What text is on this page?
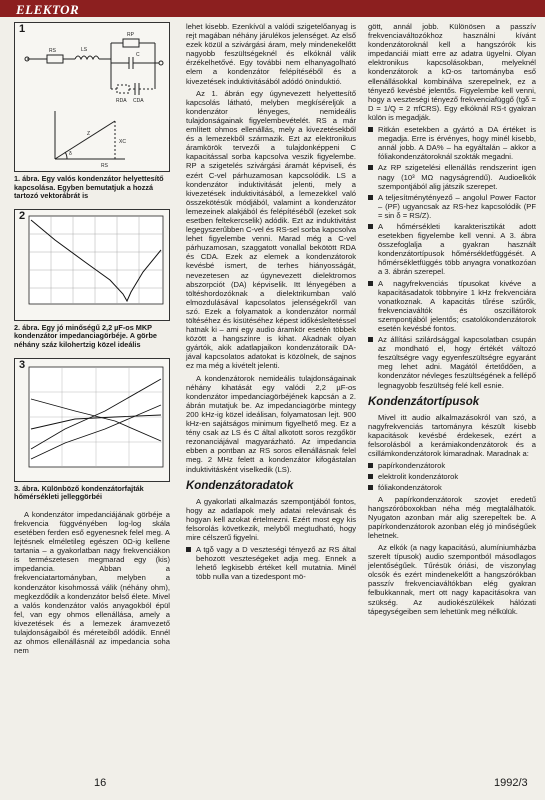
ELEKTOR
1
RS	LS
RP
C
RDA CDA
XC
Z
δ
RS
1. ábra. Egy valós kondenzátor helyettesítő kapcsolása. Egyben bemutatjuk a hozzá tartozó vektorábrát is
2
2. ábra. Egy jó minőségű 2,2 µF-os MKP kondenzátor impedanciagörbéje. A görbe néhány száz kilohertzig közel ideális
3
3. ábra. Különböző kondenzátorfajták hőmérsékleti jelleggörbéi

A kondenzátor impedanciájának görbéje a frekvencia függvényében log-log skála esetében ferden eső egyenesnek felel meg. A lejtésnek elméletileg egészen 0Ω-ig kellene tartania – a gyakorlatban nagy frekvenciákon is természetesen megmarad egy (kis) impedancia. Abban a frekvenciatartományban, melyben a kondenzátor kisohmossá válik (néhány ohm), megkezdődik a kondenzátor belső élete. Mivel a valós kondenzátor valós anyagokból épül fel, van egy ohmos ellenállása, amely a kivezetések és a lemezek áramvezető tulajdonságaiból és méreteiből adódik. Ennél az ohmos ellenállásnál az impedancia soha nem

lehet kisebb. Ezenkívül a valódi szigetelőanyag is rejt magában néhány járulékos jelenséget. Az első ezek közül a szivárgási áram, mely mindenekelőtt nagyobb feszültségeknél és elkóknál válik érzékelhetővé. Egy további nem elhanyagolható elem a kondenzátor felépítéséből és a kivezetések induktivitásából adódó öninduktió.

Az 1. ábrán egy úgynevezett helyettesítő kapcsolás látható, melyben megkíséreljük a kondenzátor lényeges, nemideális tulajdonságainak figyelembevételét. RS a már említett ohmos ellenállás, mely a kivezetésekből és a lemezekből származik. Ezt az elektronikus áramkörök tervezői a tulajdonképpeni C kapacitással sorba kapcsolva veszik figyelembe. RP a szigetelés szivárgási áramát képviseli, és ezért C-vel párhuzamosan kapcsolódik. LS a kondenzátor induktivitását jelenti, mely a kivezetések induktivitásából, a lemezekkel való összekötésük módjából, valamint a kondenzátor lemezeinek alakjából és felépítéséből (ezeket sok esetben feltekercselik) adódik. Ezt az induktivitást legegyszerűbben C-vel és RS-sel sorba kapcsolva lehet figyelembe venni. Marad még a C-vel párhuzamosan, szaggatott vonallal bekötött RDA és CDA. Ezek az elemek a kondenzátorok kevésbé ismert, de terhes hiányosságát, nevezetesen az úgynevezett dielektromos abszorpciót (DA) képviselik. Itt lényegében a töltéshordozóknak a dielektrikumban való elmozdulásával kapcsolatos jelenségekről van szó. Ezek a folyamatok a kondenzátor normál töltéséhez és kisütéséhez képest időkésleltetéssel hatnak ki – ami egy audio áramkör esetén többek között a hangszínre is kihat. Akadnak olyan gyártók, akik adatlapjaikon kondenzátoraik DA-jával kapcsolatos adatokat is közölnek, de sajnos ez ma még a kivételt jelenti.

A kondenzátorok nemideális tulajdonságainak néhány kihatását egy valódi 2,2 µF-os kondenzátor impedanciagörbéjének kapcsán a 2. ábrán mutatjuk be. Az impedanciagörbe mintegy 200 kHz-ig közel ideálisan, folyamatosan lejt. 900 kHz-en sajátságos minimum figyelhető meg. Ez a tény csak az LS és C által alkotott soros rezgőkör rezonanciájával magyarázható. Az impedancia ebben a pontban az RS soros ellenállásnak felel meg. 2 MHz felett a kondenzátor kifogástalan induktivitásként viselkedik (LS).

Kondenzátoradatok

A gyakorlati alkalmazás szempontjából fontos, hogy az adatlapok mely adatai relevánsak és hogyan kell azokat értelmezni. Ezért most egy kis felsorolás következik, melyből megtudható, hogy mire célszerű figyelni.

A tgδ vagy a D veszteségi tényező az RS által behozott veszteségeket adja meg. Ennek a lehető legkisebb értéket kell mutatnia. Minél több nulla van a tizedespont mö-

gött, annál jobb. Különösen a passzív frekvenciaváltozókhoz használni kívánt kondenzátoroknál kell a hangszórók kis impedanciái miatt erre az adatra ügyelni. Olyan elektronikus kapcsolásokban, melyeknél kondenzátorok a kΩ-os tartományba eső ellenállásokkal kombinálva szerepelnek, ez a tényező kevésbé jelentős. Figyelembe kell venni, hogy a veszteségi tényező frekvenciafüggő (tgδ = D = 1/Q = 2 πfCRS). Egy elkóknál RS-t gyakran külön is megadják.

Ritkán esetekben a gyártó a DA értéket is megadja. Erre is érvényes, hogy minél kisebb, annál jobb. A DA% – ha egyáltalán – akkor a fóliakondenzátoroknál szokták megadni.

Az RP szigetelési ellenállás rendszerint igen nagy (10³ MΩ nagyságrendű). Audioelkók szempontjából alig játszik szerepet.

A teljesítménytényező – angolul Power Factor – (PF) ugyancsak az RS-hez kapcsolódik (PF = sin δ = RS/Z).

A hőmérsékleti karakterisztikát adott esetekben figyelembe kell venni. A 3. ábra összefoglalja a gyakran használt kondenzátortípusok hőmérsékletfüggését. A hőmérsékletfüggés több anyagra vonatkozóan a 3. ábrán szerepel.

A nagyfrekvenciás típusokat kivéve a kapacitásadatok többnyire 1 kHz frekvenciára vonatkoznak. A kapacitás tűrése szűrők, frekvenciaváltók és oszcillátorok szempontjából jelentős; csatolókondenzátorok esetén kevésbé fontos.

Az állítási szilárdsággal kapcsolatban csupán az mondható el, hogy értékét változó feszültségre vagy egyenfeszültségre egyaránt meg lehet adni. Magától értetődően, a kondenzátor névleges feszültségének a fellépő legnagyobb feszültség felé kell esnie.

Kondenzátortípusok

Mivel itt audio alkalmazásokról van szó, a nagyfrekvenciás tartományra készült kisebb kapacitások kevésbé érdekesek, ezért a felsorolásból a kerámiakondenzátorok és a csillámkondenzátorok kimaradnak. Maradnak a:

papírkondenzátorok

elektrolit kondenzátorok

fóliakondenzátorok

A papírkondenzátorok szovjet eredetű hangszóróboxokban néha még megtalálhatók. Nyugaton azonban már alig szerepeltek be. A papírkondenzátorok azonban elég jó minőségűek lehetnek.

Az elkók (a nagy kapacitású, alumíniumházba szerelt típusok) audio szempontból másodlagos jelentőségűek. Tűrésük óriási, de viszonylag olcsók és ezért mindenekelőtt a hangszórókban passzív frekvenciaváltókban elég gyakran felbukkannak, mert ott nagy kapacitásokra van szükség. Az audiokészülékek hálózati tápegységeiben sem lehetünk meg nélkülük.

16	1992/3
